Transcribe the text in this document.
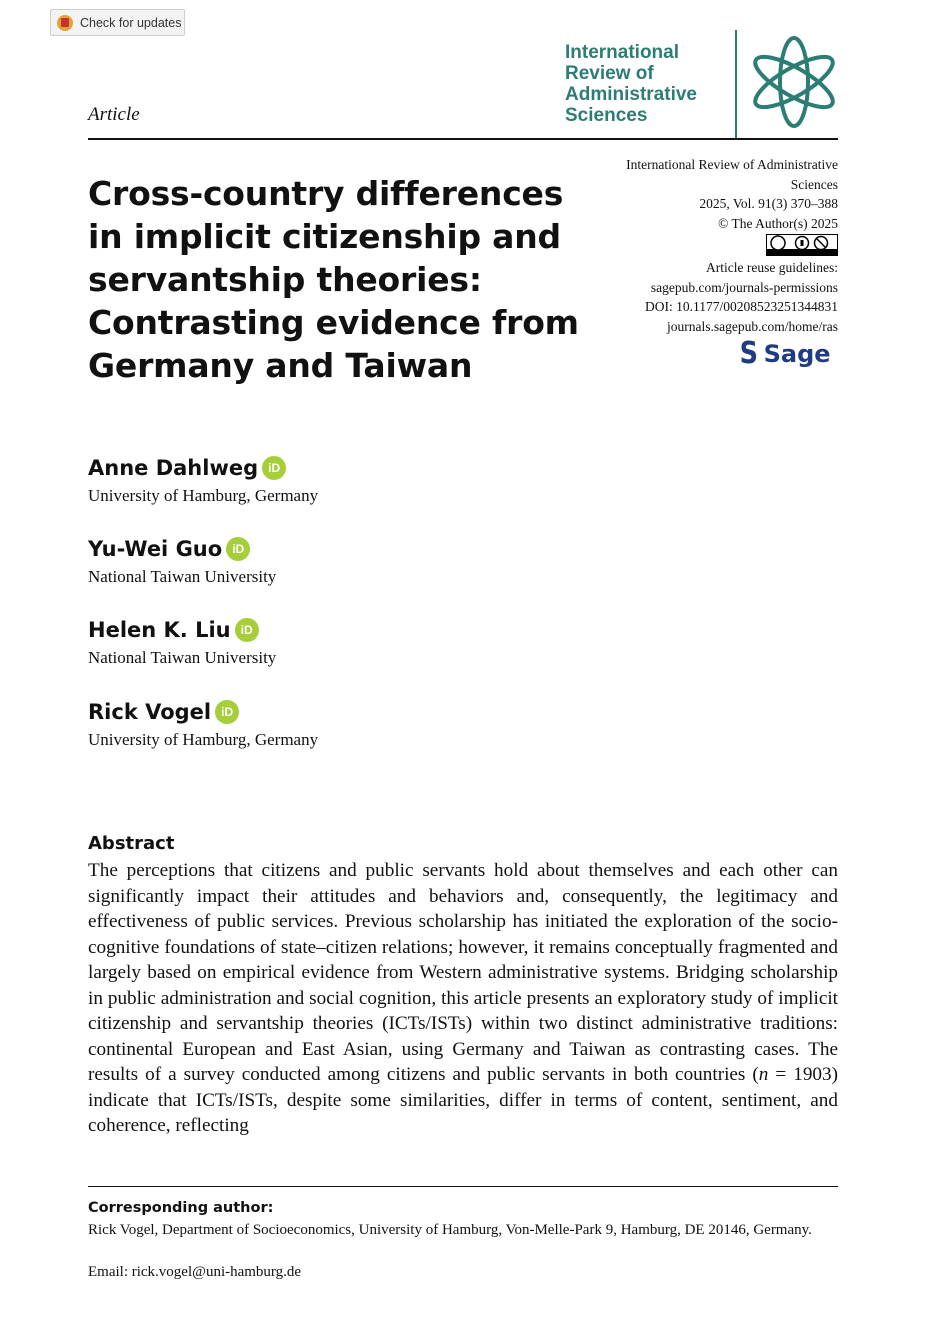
Check for updates
Article
International
Review of
Administrative
Sciences
Cross-country differences in implicit citizenship and servantship theories: Contrasting evidence from Germany and Taiwan
International Review of Administrative
Sciences
2025, Vol. 91(3) 370–388
© The Author(s) 2025
Article reuse guidelines:
sagepub.com/journals-permissions
DOI: 10.1177/00208523251344831
journals.sagepub.com/home/ras
S Sage
Anne Dahlweg iD
University of Hamburg, Germany
Yu-Wei Guo iD
National Taiwan University
Helen K. Liu iD
National Taiwan University
Rick Vogel iD
University of Hamburg, Germany
Abstract

The perceptions that citizens and public servants hold about themselves and each other can significantly impact their attitudes and behaviors and, consequently, the legitimacy and effectiveness of public services. Previous scholarship has initiated the exploration of the socio-cognitive foundations of state–citizen relations; however, it remains conceptually fragmented and largely based on empirical evidence from Western administrative systems. Bridging scholarship in public administration and social cognition, this article presents an exploratory study of implicit citizenship and servantship theories (ICTs/ISTs) within two distinct administrative traditions: continental European and East Asian, using Germany and Taiwan as contrasting cases. The results of a survey conducted among citizens and public servants in both countries (n = 1903) indicate that ICTs/ISTs, despite some similarities, differ in terms of content, sentiment, and coherence, reflecting

Corresponding author:

Rick Vogel, Department of Socioeconomics, University of Hamburg, Von-Melle-Park 9, Hamburg, DE 20146, Germany.

Email: rick.vogel@uni-hamburg.de
